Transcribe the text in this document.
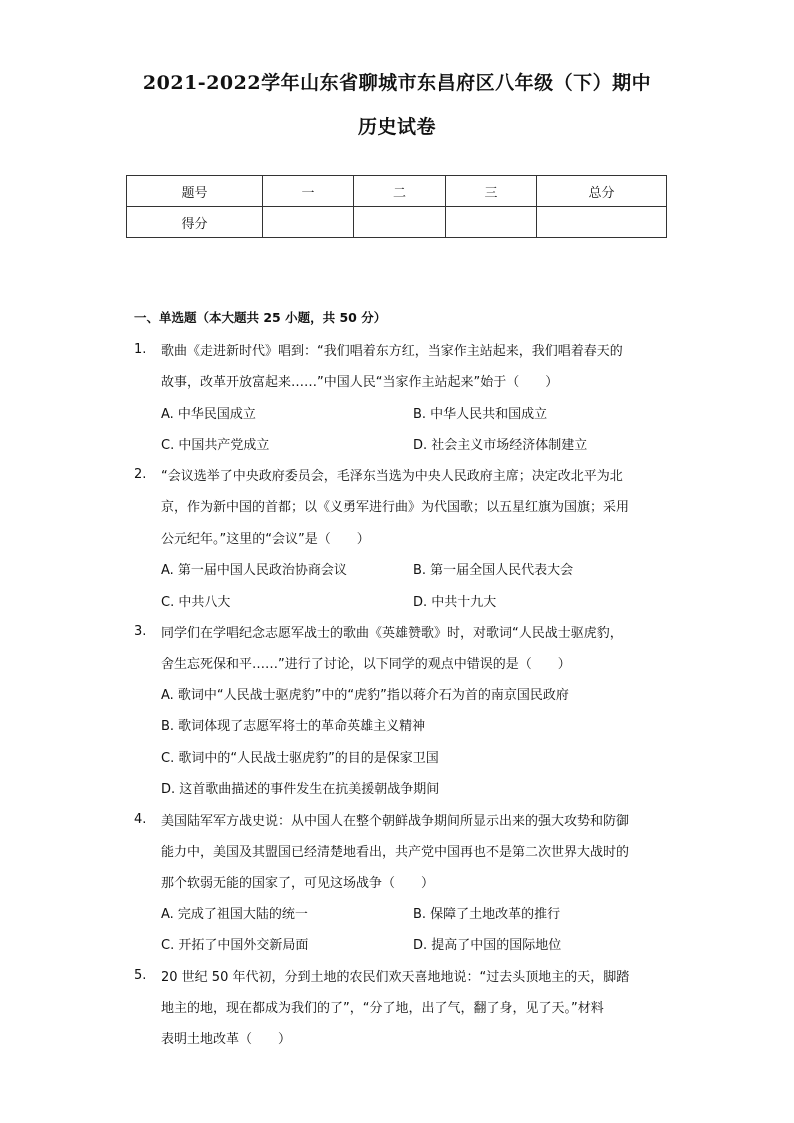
2021-2022学年山东省聊城市东昌府区八年级（下）期中
历史试卷
题号	一	二	三	总分
得分				
一、单选题（本大题共 25 小题，共 50 分）
1. 歌曲《走进新时代》唱到：“我们唱着东方红，当家作主站起来，我们唱着春天的
故事，改革开放富起来……”中国人民“当家作主站起来”始于（　　）
A. 中华民国成立	B. 中华人民共和国成立
C. 中国共产党成立	D. 社会主义市场经济体制建立
2. “会议选举了中央政府委员会，毛泽东当选为中央人民政府主席；决定改北平为北
京，作为新中国的首都；以《义勇军进行曲》为代国歌；以五星红旗为国旗；采用
公元纪年。”这里的“会议”是（　　）
A. 第一届中国人民政治协商会议	B. 第一届全国人民代表大会
C. 中共八大	D. 中共十九大
3. 同学们在学唱纪念志愿军战士的歌曲《英雄赞歌》时，对歌词“人民战士驱虎豹，
舍生忘死保和平……”进行了讨论，以下同学的观点中错误的是（　　）
A. 歌词中“人民战士驱虎豹”中的“虎豹”指以蒋介石为首的南京国民政府
B. 歌词体现了志愿军将士的革命英雄主义精神
C. 歌词中的“人民战士驱虎豹”的目的是保家卫国
D. 这首歌曲描述的事件发生在抗美援朝战争期间
4. 美国陆军军方战史说：从中国人在整个朝鲜战争期间所显示出来的强大攻势和防御
能力中，美国及其盟国已经清楚地看出，共产党中国再也不是第二次世界大战时的
那个软弱无能的国家了，可见这场战争（　　）
A. 完成了祖国大陆的统一	B. 保障了土地改革的推行
C. 开拓了中国外交新局面	D. 提高了中国的国际地位
5. 20 世纪 50 年代初，分到土地的农民们欢天喜地地说：“过去头顶地主的天，脚踏
地主的地，现在都成为我们的了”，“分了地，出了气，翻了身，见了天。”材料
表明土地改革（　　）
